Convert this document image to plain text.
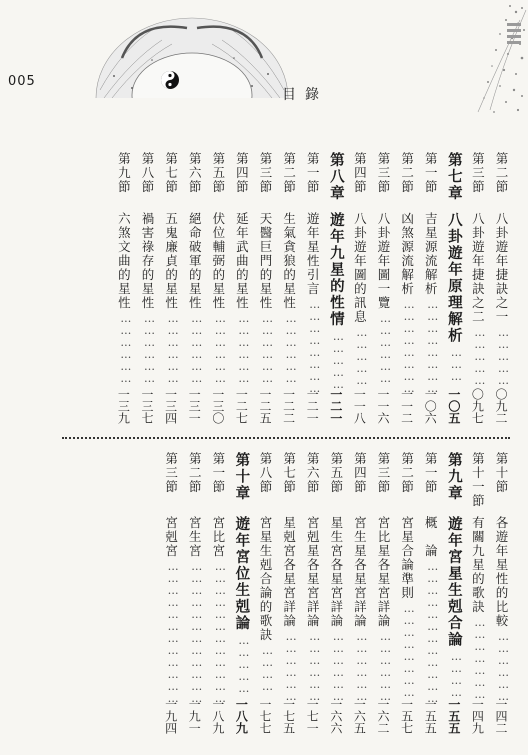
005
目錄
第二節
八卦遊年捷訣之一
……………
〇九二
第三節
八卦遊年捷訣之二
……………
〇九七
第七章
八卦遊年原理解析
………
一〇五
第一節
吉星源流解析
……………………
一〇六
第二節
凶煞源流解析
……………………
一一二
第三節
八卦遊年圖一覽
………………
一一六
第四節
八卦遊年圖的訊息
……………
一一八
第八章
遊年九星的性情
……………
一二一
第一節
遊年星性引言
……………………
一二一
第二節
生氣貪狼的星性
………………
一二二
第三節
天醫巨門的星性
………………
一二五
第四節
延年武曲的星性
………………
一二七
第五節
伏位輔弼的星性
………………
一三〇
第六節
絕命破軍的星性
………………
一三一
第七節
五鬼廉貞的星性
………………
一三四
第八節
禍害祿存的星性
………………
一三七
第九節
六煞文曲的星性
………………
一三九
第十節
各遊年星性的比較
………………
一四二
第十一節
有關九星的歌訣
…………………
一四九
第九章
遊年宮星生剋合論
…………
一五五
第一節
概　論
………………………………
一五五
第二節
宮星合論準則
……………………
一五七
第三節
宮比星各星宮詳論
………………
一六二
第四節
宮生星各星宮詳論
………………
一六五
第五節
星生宮各星宮詳論
………………
一六六
第六節
宮剋星各星宮詳論
………………
一七一
第七節
星剋宮各星宮詳論
………………
一七五
第八節
宮星生剋合論的歌訣
…………
一七七
第十章
遊年宮位生剋論
……………
一八九
第一節
宮比宮
………………………………
一八九
第二節
宮生宮
………………………………
一九一
第三節
宮剋宮
………………………………
一九四
